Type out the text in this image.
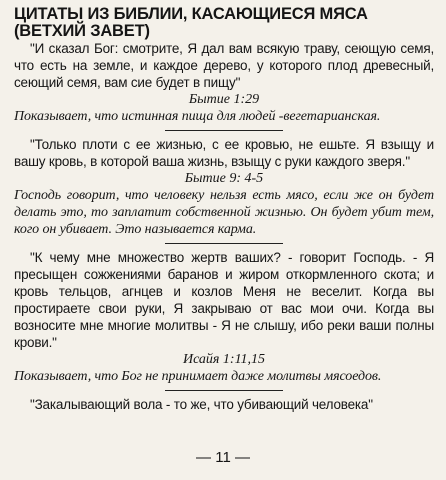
ЦИТАТЫ ИЗ БИБЛИИ, КАСАЮЩИЕСЯ МЯСА
(ВЕТХИЙ ЗАВЕТ)

"И сказал Бог: смотрите, Я дал вам всякую траву, сеющую семя, что есть на земле, и каждое дерево, у которого плод древесный, сеющий семя, вам сие будет в пищу"

Бытие 1:29

Показывает, что истинная пища для людей -вегетарианская.

"Только плоти с ее жизнью, с ее кровью, не ешьте. Я взыщу и вашу кровь, в которой ваша жизнь, взыщу с руки каждого зверя."

Бытие 9: 4-5

Господь говорит, что человеку нельзя есть мясо, если же он будет делать это, то заплатит собственной жизнью. Он будет убит тем, кого он убивает. Это называется карма.

"К чему мне множество жертв ваших? - говорит Господь. - Я пресыщен сожжениями баранов и жиром откормленного скота; и кровь тельцов, агнцев и козлов Меня не веселит. Когда вы простираете свои руки, Я закрываю от вас мои очи. Когда вы возносите мне многие молитвы - Я не слышу, ибо реки ваши полны крови."

Исайя 1:11,15

Показывает, что Бог не принимает даже молитвы мясоедов.

"Закалывающий вола - то же, что убивающий человека"

— 11 —
